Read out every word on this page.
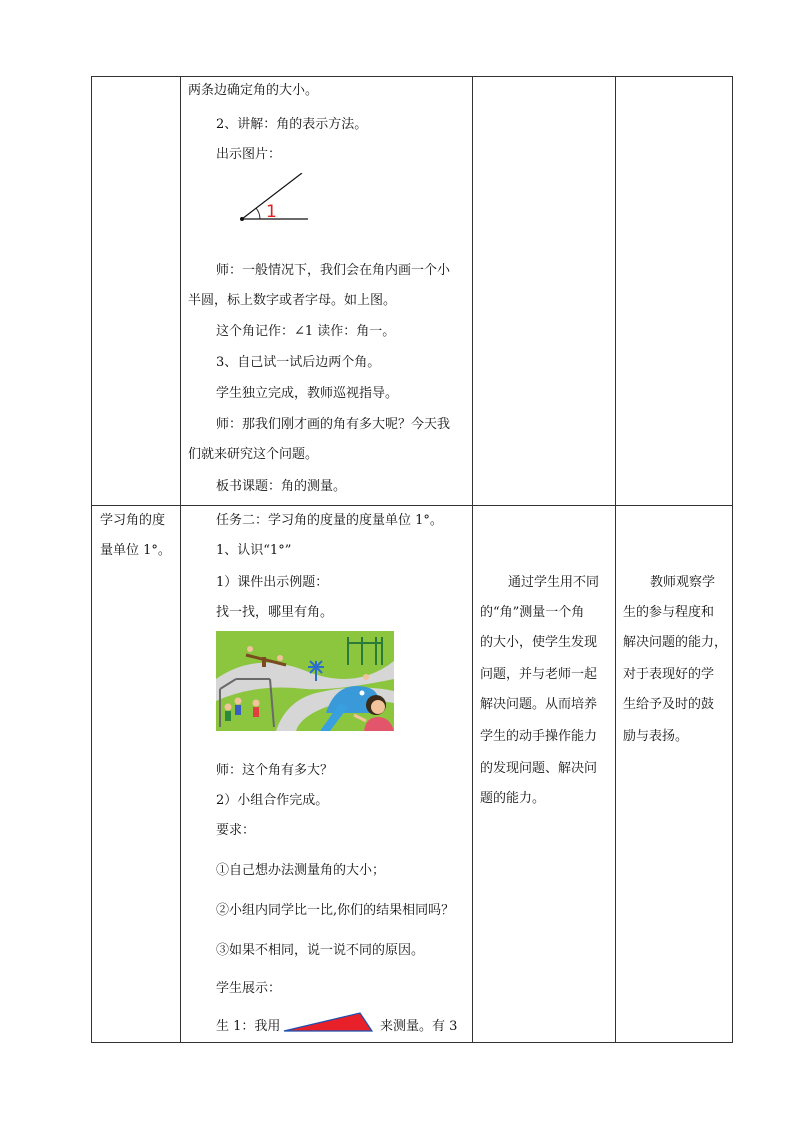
两条边确定角的大小。
2、讲解：角的表示方法。
出示图片：
1
师：一般情况下，我们会在角内画一个小
半圆，标上数字或者字母。如上图。
这个角记作：∠1 读作：角一。
3、自己试一试后边两个角。
学生独立完成，教师巡视指导。
师：那我们刚才画的角有多大呢？今天我
们就来研究这个问题。
板书课题：角的测量。
学习角的度
量单位 1°。
任务二：学习角的度量的度量单位 1°。
1、认识“1°”
1）课件出示例题：
找一找，哪里有角。
师：这个角有多大？
2）小组合作完成。
要求：
①自己想办法测量角的大小；
②小组内同学比一比,你们的结果相同吗？
③如果不相同，说一说不同的原因。
学生展示：
生 1：我用	来测量。有 3
通过学生用不同
的“角”测量一个角
的大小，使学生发现
问题，并与老师一起
解决问题。从而培养
学生的动手操作能力
的发现问题、解决问
题的能力。
教师观察学
生的参与程度和
解决问题的能力，
对于表现好的学
生给予及时的鼓
励与表扬。
